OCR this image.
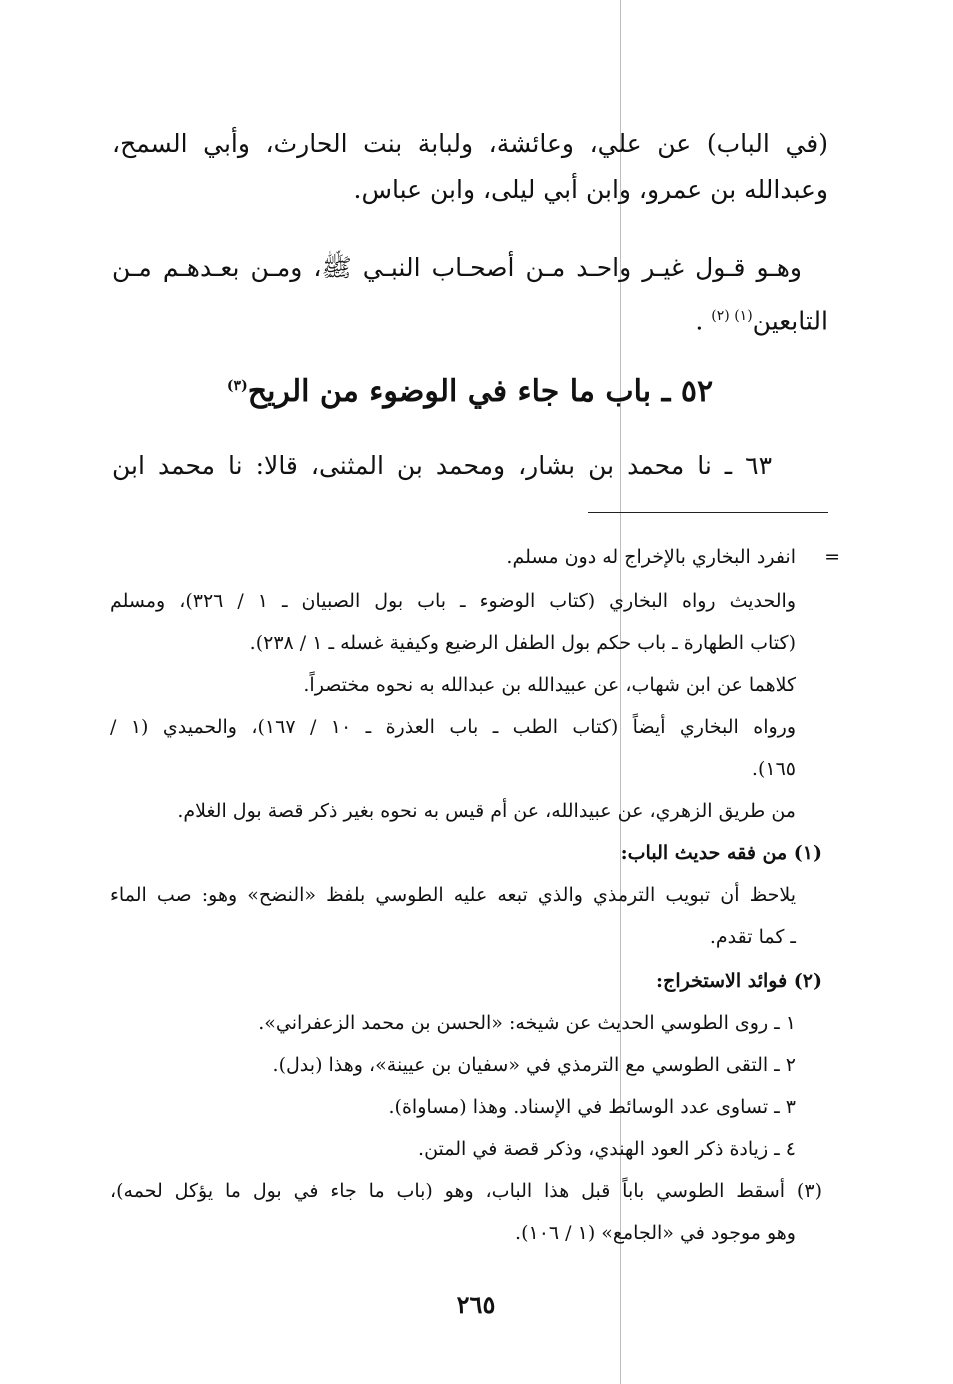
(في الباب) عن علي، وعائشة، ولبابة بنت الحارث، وأبي السمح،
وعبدالله بن عمرو، وابن أبي ليلى، وابن عباس.
وهـو قـول غيـر واحـد مـن أصحـاب النبـي ﷺ، ومـن بعـدهـم مـن
التابعين$^{(١) (٢)}$ .
٥٢ ـ باب ما جاء في الوضوء من الريح$^{(٣)}$
٦٣ ـ نا محمد بن بشار، ومحمد بن المثنى، قالا: نا محمد ابن
=
انفرد البخاري بالإخراج له دون مسلم.
والحديث رواه البخاري (كتاب الوضوء ـ باب بول الصبيان ـ ١ / ٣٢٦)، ومسلم
(كتاب الطهارة ـ باب حكم بول الطفل الرضيع وكيفية غسله ـ ١ / ٢٣٨).
كلاهما عن ابن شهاب، عن عبيدالله بن عبدالله به نحوه مختصراً.
ورواه البخاري أيضاً (كتاب الطب ـ باب العذرة ـ ١٠ / ١٦٧)، والحميدي (١ /
١٦٥).
من طريق الزهري، عن عبيدالله، عن أم قيس به نحوه بغير ذكر قصة بول الغلام.
(١) من فقه حديث الباب:
يلاحظ أن تبويب الترمذي والذي تبعه عليه الطوسي بلفظ «النضح» وهو: صب الماء
ـ كما تقدم.
(٢) فوائد الاستخراج:
١ ـ روى الطوسي الحديث عن شيخه: «الحسن بن محمد الزعفراني».
٢ ـ التقى الطوسي مع الترمذي في «سفيان بن عيينة»، وهذا (بدل).
٣ ـ تساوى عدد الوسائط في الإسناد. وهذا (مساواة).
٤ ـ زيادة ذكر العود الهندي، وذكر قصة في المتن.
(٣) أسقط الطوسي باباً قبل هذا الباب، وهو (باب ما جاء في بول ما يؤكل لحمه)،
وهو موجود في «الجامع» (١ / ١٠٦).
٢٦٥
